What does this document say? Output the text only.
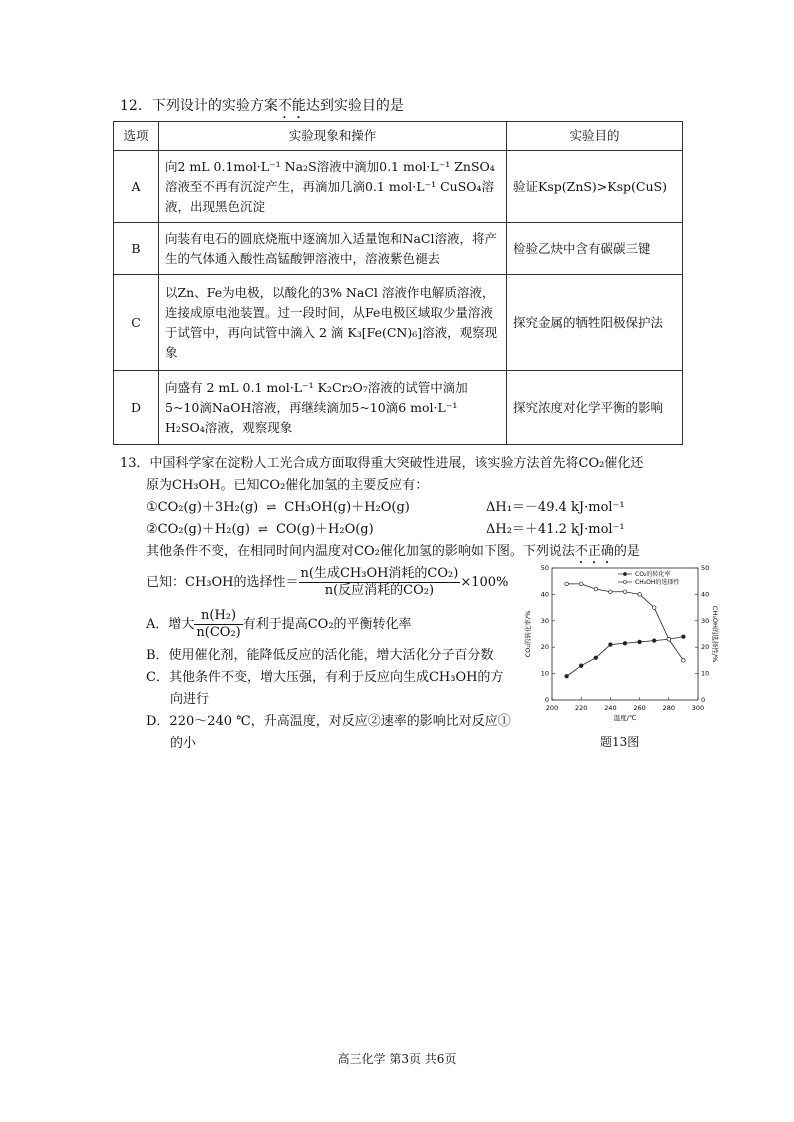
12．下列设计的实验方案不能达到实验目的是
选项	实验现象和操作	实验目的
A	向2 mL 0.1mol·L⁻¹ Na₂S溶液中滴加0.1 mol·L⁻¹ ZnSO₄溶液至不再有沉淀产生，再滴加几滴0.1 mol·L⁻¹ CuSO₄溶液，出现黑色沉淀	验证Ksp(ZnS)>Ksp(CuS)
B	向装有电石的圆底烧瓶中逐滴加入适量饱和NaCl溶液，将产生的气体通入酸性高锰酸钾溶液中，溶液紫色褪去	检验乙炔中含有碳碳三键
C	以Zn、Fe为电极，以酸化的3% NaCl 溶液作电解质溶液，连接成原电池装置。过一段时间，从Fe电极区域取少量溶液于试管中，再向试管中滴入 2 滴 K₃[Fe(CN)₆]溶液，观察现象	探究金属的牺牲阳极保护法
D	向盛有 2 mL 0.1 mol·L⁻¹ K₂Cr₂O₇溶液的试管中滴加5~10滴NaOH溶液，再继续滴加5~10滴6 mol·L⁻¹ H₂SO₄溶液，观察现象	探究浓度对化学平衡的影响
13．中国科学家在淀粉人工光合成方面取得重大突破性进展，该实验方法首先将CO₂催化还
原为CH₃OH。已知CO₂催化加氢的主要反应有：
①CO₂(g)＋3H₂(g) ⇌ CH₃OH(g)＋H₂O(g)	ΔH₁＝－49.4 kJ·mol⁻¹
②CO₂(g)＋H₂(g) ⇌ CO(g)＋H₂O(g)	ΔH₂＝＋41.2 kJ·mol⁻¹
其他条件不变，在相同时间内温度对CO₂催化加氢的影响如下图。下列说法不正确的是
已知：CH₃OH的选择性＝ $\frac{\text{n(生成CH₃OH消耗的CO₂)}}{\text{n(反应消耗的CO₂)}} \times 100\%$
A．增大 $\frac{\text{n(H₂)}}{\text{n(CO₂)}}$ 有利于提高CO₂的平衡转化率
B．使用催化剂，能降低反应的活化能，增大活化分子百分数
C．其他条件不变，增大压强，有利于反应向生成CH₃OH的方
向进行
D．220～240 ℃，升高温度，对反应②速率的影响比对反应①
的小
200	220	240	260	280	300
0	0
10	10
20	20
30	30
40	40
50	50
温度/℃
CO₂的转化率/%	CH₃OH的选择性/%
CO₂的转化率
CH₃OH的选择性
题13图
高三化学 第3页 共6页
